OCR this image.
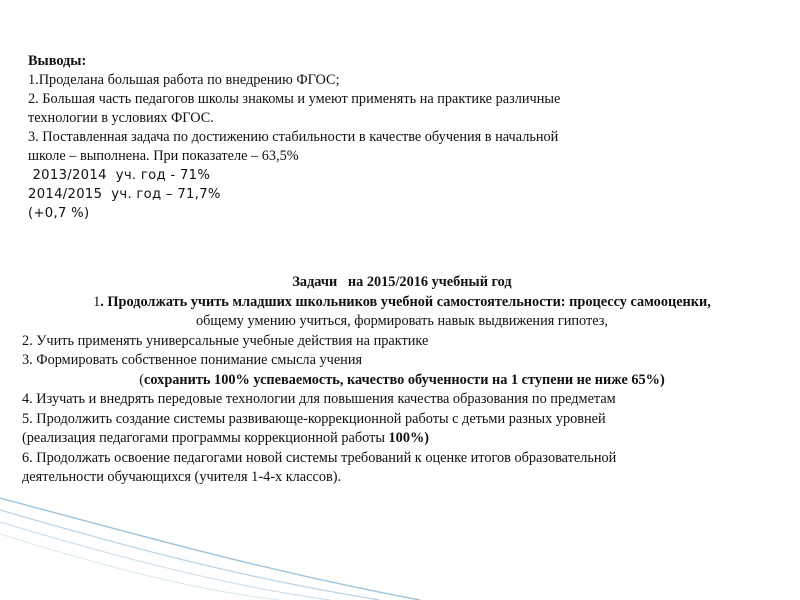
Выводы:
1.Проделана большая работа по внедрению ФГОС;
2. Большая часть педагогов школы знакомы и умеют применять на практике различные
технологии в условиях ФГОС.
3. Поставленная задача по достижению стабильности в качестве обучения в начальной
школе – выполнена. При показателе – 63,5%
2013/2014  уч. год - 71%
2014/2015  уч. год – 71,7%
(+0,7 %)
Задачи   на 2015/2016 учебный год
1. Продолжать учить младших школьников учебной самостоятельности: процессу самооценки,
общему умению учиться, формировать навык выдвижения гипотез,
2. Учить применять универсальные учебные действия на практике
3. Формировать собственное понимание смысла учения
(сохранить 100% успеваемость, качество обученности на 1 ступени не ниже 65%)
4. Изучать и внедрять передовые технологии для повышения качества образования по предметам
5. Продолжить создание системы развивающе-коррекционной работы с детьми разных уровней
(реализация педагогами программы коррекционной работы 100%)
6. Продолжать освоение педагогами новой системы требований к оценке итогов образовательной
деятельности обучающихся (учителя 1-4-х классов).
